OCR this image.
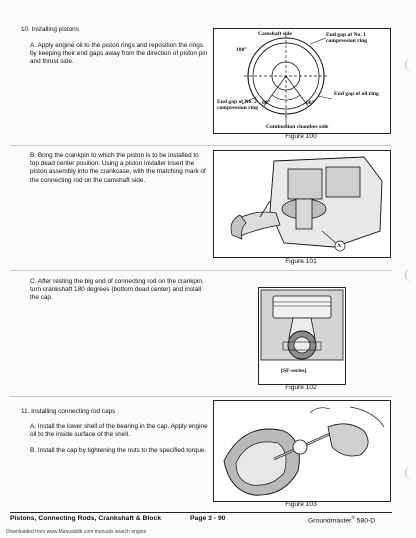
10. Installing pistons
A. Apply engine oil to the piston rings and reposition the rings by keeping their end gaps away from the direction of piston pin and thrust side.
Camshaft side	End gap of No. 1 compression ring
180°
End gap of oil ring
End gap of No. 2 compression ring
60°	60°
Combustion chamber side
Figure 100
B. Bring the crankpin to which the piston is to be installed to top dead center position. Using a piston installer insert the piston assembly into the crankcase, with the matching mark of the connecting rod on the camshaft side.
A
Figure 101
C. After resting the big end of connecting rod on the crankpin, turn crankshaft 180 degrees (bottom dead center) and install the cap.
[SF-series]
Figure 102
11. Installing connecting rod caps
A. Install the lower shell of the bearing in the cap. Apply engine oil to the inside surface of the shell.
B. Install the cap by tightening the nuts to the specified torque.
Figure 103
Pistons, Connecting Rods, Crankshaft & Block	Page 3 - 90	Groundmaster® 580-D
Downloaded from www.Manualslib.com manuals search engine
